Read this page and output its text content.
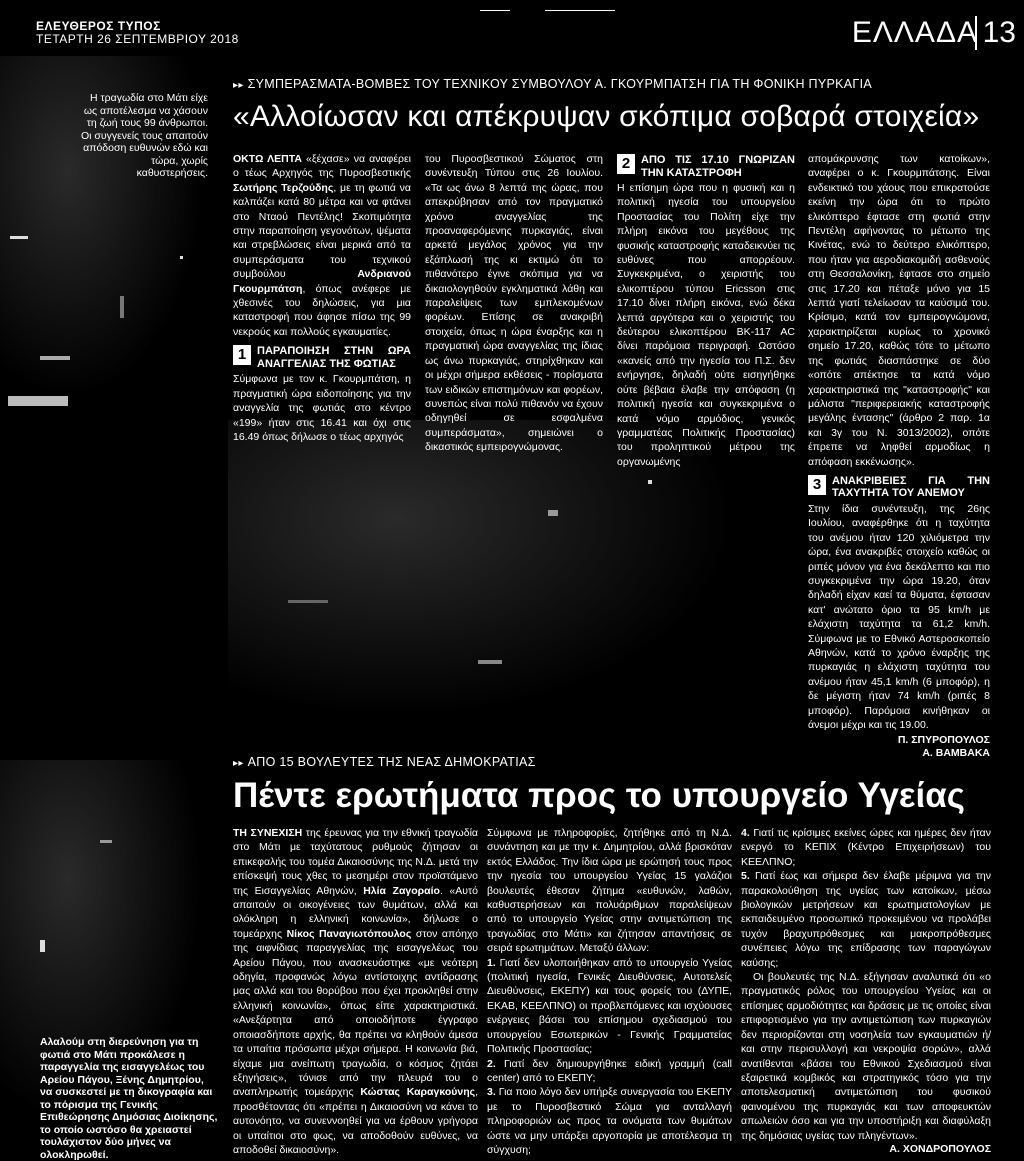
ΕΛΕΥΘΕΡΟΣ ΤΥΠΟΣ
ΤΕΤΑΡΤΗ 26 ΣΕΠΤΕΜΒΡΙΟΥ 2018	ΕΛΛΑΔΑ 13
Η τραγωδία στο Μάτι είχε ως αποτέλεσμα να χάσουν τη ζωή τους 99 άνθρωποι. Οι συγγενείς τους απαιτούν απόδοση ευθυνών εδώ και τώρα, χωρίς καθυστερήσεις.
▸▸ ΣΥΜΠΕΡΑΣΜΑΤΑ-ΒΟΜΒΕΣ ΤΟΥ ΤΕΧΝΙΚΟΥ ΣΥΜΒΟΥΛΟΥ Α. ΓΚΟΥΡΜΠΑΤΣΗ ΓΙΑ ΤΗ ΦΟΝΙΚΗ ΠΥΡΚΑΓΙΑ
«Αλλοίωσαν και απέκρυψαν σκόπιμα σοβαρά στοιχεία»

ΟΚΤΩ ΛΕΠΤΑ «ξέχασε» να αναφέρει ο τέως Αρχηγός της Πυροσβεστικής Σωτήρης Τερζούδης, με τη φωτιά να καλπάζει κατά 80 μέτρα και να φτάνει στο Νταού Πεντέλης! Σκοπιμότητα στην παραποίηση γεγονότων, ψέματα και στρεβλώσεις είναι μερικά από τα συμπεράσματα του τεχνικού συμβούλου Ανδριανού Γκουρμπάτση, όπως ανέφερε με χθεσινές του δηλώσεις, για μια καταστροφή που άφησε πίσω της 99 νεκρούς και πολλούς εγκαυματίες.

1 ΠΑΡΑΠΟΙΗΣΗ ΣΤΗΝ ΩΡΑ ΑΝΑΓΓΕΛΙΑΣ ΤΗΣ ΦΩΤΙΑΣ

Σύμφωνα με τον κ. Γκουρμπάτση, η πραγματική ώρα ειδοποίησης για την αναγγελία της φωτιάς στο κέντρο «199» ήταν στις 16.41 και όχι στις 16.49 όπως δήλωσε ο τέως αρχηγός

του Πυροσβεστικού Σώματος στη συνέντευξη Τύπου στις 26 Ιουλίου. «Τα ως άνω 8 λεπτά της ώρας, που απεκρύβησαν από τον πραγματικό χρόνο αναγγελίας της προαναφερόμενης πυρκαγιάς, είναι αρκετά μεγάλος χρόνος για την εξάπλωσή της κι εκτιμώ ότι το πιθανότερο έγινε σκόπιμα για να δικαιολογηθούν εγκληματικά λάθη και παραλείψεις των εμπλεκομένων φορέων. Επίσης σε ανακριβή στοιχεία, όπως η ώρα έναρξης και η πραγματική ώρα αναγγελίας της ίδιας ως άνω πυρκαγιάς, στηρίχθηκαν και οι μέχρι σήμερα εκθέσεις - πορίσματα των ειδικών επιστημόνων και φορέων, συνεπώς είναι πολύ πιθανόν να έχουν οδηγηθεί σε εσφαλμένα συμπεράσματα», σημειώνει ο δικαστικός εμπειρογνώμονας.

2 ΑΠΟ ΤΙΣ 17.10 ΓΝΩΡΙΖΑΝ ΤΗΝ ΚΑΤΑΣΤΡΟΦΗ

Η επίσημη ώρα που η φυσική και η πολιτική ηγεσία του υπουργείου Προστασίας του Πολίτη είχε την πλήρη εικόνα του μεγέθους της φυσικής καταστροφής καταδεικνύει τις ευθύνες που απορρέουν. Συγκεκριμένα, ο χειριστής του ελικοπτέρου τύπου Ericsson στις 17.10 δίνει πλήρη εικόνα, ενώ δέκα λεπτά αργότερα και ο χειριστής του δεύτερου ελικοπτέρου ΒΚ-117 ΑC δίνει παρόμοια περιγραφή. Ωστόσο «κανείς από την ηγεσία του Π.Σ. δεν ενήργησε, δηλαδή ούτε εισηγήθηκε ούτε βέβαια έλαβε την απόφαση (η πολιτική ηγεσία και συγκεκριμένα ο κατά νόμο αρμόδιος, γενικός γραμματέας Πολιτικής Προστασίας) του προληπτικού μέτρου της οργανωμένης

απομάκρυνσης των κατοίκων», αναφέρει ο κ. Γκουρμπάτσης. Είναι ενδεικτικό του χάους που επικρατούσε εκείνη την ώρα ότι το πρώτο ελικόπτερο έφτασε στη φωτιά στην Πεντέλη αφήνοντας το μέτωπο της Κινέτας, ενώ το δεύτερο ελικόπτερο, που ήταν για αεροδιακομιδή ασθενούς στη Θεσσαλονίκη, έφτασε στο σημείο στις 17.20 και πέταξε μόνο για 15 λεπτά γιατί τελείωσαν τα καύσιμά του. Κρίσιμο, κατά τον εμπειρογνώμονα, χαρακτηρίζεται κυρίως το χρονικό σημείο 17.20, καθώς τότε το μέτωπο της φωτιάς διασπάστηκε σε δύο «οπότε απέκτησε τα κατά νόμο χαρακτηριστικά της "καταστροφής" και μάλιστα "περιφερειακής καταστροφής μεγάλης έντασης" (άρθρο 2 παρ. 1α και 3γ του Ν. 3013/2002), οπότε έπρεπε να ληφθεί αρμοδίως η απόφαση εκκένωσης».

3 ΑΝΑΚΡΙΒΕΙΕΣ ΓΙΑ ΤΗΝ ΤΑΧΥΤΗΤΑ ΤΟΥ ΑΝΕΜΟΥ

Στην ίδια συνέντευξη, της 26ης Ιουλίου, αναφέρθηκε ότι η ταχύτητα του ανέμου ήταν 120 χιλιόμετρα την ώρα, ένα ανακριβές στοιχείο καθώς οι ριπές μόνον για ένα δεκάλεπτο και πιο συγκεκριμένα την ώρα 19.20, όταν δηλαδή είχαν καεί τα θύματα, έφτασαν κατ' ανώτατο όριο τα 95 km/h με ελάχιστη ταχύτητα τα 61,2 km/h. Σύμφωνα με το Εθνικό Αστεροσκοπείο Αθηνών, κατά το χρόνο έναρξης της πυρκαγιάς η ελάχιστη ταχύτητα του ανέμου ήταν 45,1 km/h (6 μποφόρ), η δε μέγιστη ήταν 74 km/h (ριπές 8 μποφόρ). Παρόμοια κινήθηκαν οι άνεμοι μέχρι και τις 19.00.

Π. ΣΠΥΡΟΠΟΥΛΟΣ
Α. ΒΑΜΒΑΚΑ
Αλαλούμ στη διερεύνηση για τη φωτιά στο Μάτι προκάλεσε η παραγγελία της εισαγγελέως του Αρείου Πάγου, Ξένης Δημητρίου, να συσκεστεί με τη δικογραφία και το πόρισμα της Γενικής Επιθεώρησης Δημόσιας Διοίκησης, το οποίο ωστόσο θα χρειαστεί τουλάχιστον δύο μήνες να ολοκληρωθεί.
▸▸ ΑΠΟ 15 ΒΟΥΛΕΥΤΕΣ ΤΗΣ ΝΕΑΣ ΔΗΜΟΚΡΑΤΙΑΣ
Πέντε ερωτήματα προς το υπουργείο Υγείας

ΤΗ ΣΥΝΕΧΙΣΗ της έρευνας για την εθνική τραγωδία στο Μάτι με ταχύτατους ρυθμούς ζήτησαν οι επικεφαλής του τομέα Δικαιοσύνης της Ν.Δ. μετά την επίσκεψή τους χθες το μεσημέρι στον προϊστάμενο της Εισαγγελίας Αθηνών, Ηλία Ζαγοραίο. «Αυτό απαιτούν οι οικογένειες των θυμάτων, αλλά και ολόκληρη η ελληνική κοινωνία», δήλωσε ο τομεάρχης Νίκος Παναγιωτόπουλος στον απόηχο της αιφνίδιας παραγγελίας της εισαγγελέως του Αρείου Πάγου, που ανασκευάστηκε «με νεότερη οδηγία, προφανώς λόγω αντίστοιχης αντίδρασης μας αλλά και του θορύβου που έχει προκληθεί στην ελληνική κοινωνία», όπως είπε χαρακτηριστικά. «Ανεξάρτητα από οποιοδήποτε έγγραφο οποιασδήποτε αρχής, θα πρέπει να κληθούν άμεσα τα υπαίτια πρόσωπα μέχρι σήμερα. Η κοινωνία βιά, είχαμε μια ανείπωτη τραγωδία, ο κόσμος ζητάει εξηγήσεις», τόνισε από την πλευρά του ο αναπληρωτής τομεάρχης Κώστας Καραγκούνης, προσθέτοντας ότι «πρέπει η Δικαιοσύνη να κάνει το αυτονόητο, να συνεννοηθεί για να έρθουν γρήγορα οι υπαίτιοι στο φως, να αποδοθούν ευθύνες, να αποδοθεί δικαιοσύνη».

Σύμφωνα με πληροφορίες, ζητήθηκε από τη Ν.Δ. συνάντηση και με την κ. Δημητρίου, αλλά βρισκόταν εκτός Ελλάδος. Την ίδια ώρα με ερώτησή τους προς την ηγεσία του υπουργείου Υγείας 15 γαλάζιοι βουλευτές έθεσαν ζήτημα «ευθυνών, λαθών, καθυστερήσεων και πολυάριθμων παραλείψεων από το υπουργείο Υγείας στην αντιμετώπιση της τραγωδίας στο Μάτι» και ζήτησαν απαντήσεις σε σειρά ερωτημάτων. Μεταξύ άλλων:

1. Γιατί δεν υλοποιήθηκαν από το υπουργείο Υγείας (πολιτική ηγεσία, Γενικές Διευθύνσεις, Αυτοτελείς Διευθύνσεις, ΕΚΕΠΥ) και τους φορείς του (ΔΥΠΕ, ΕΚΑΒ, ΚΕΕΛΠΝΟ) οι προβλεπόμενες και ισχύουσες ενέργειες βάσει του επίσημου σχεδιασμού του υπουργείου Εσωτερικών - Γενικής Γραμματείας Πολιτικής Προστασίας;

2. Γιατί δεν δημιουργήθηκε ειδική γραμμή (call center) από το ΕΚΕΠΥ;

3. Για ποιο λόγο δεν υπήρξε συνεργασία του ΕΚΕΠΥ με το Πυροσβεστικό Σώμα για ανταλλαγή πληροφοριών ως προς τα ονόματα των θυμάτων ώστε να μην υπάρξει αργοπορία με αποτέλεσμα τη σύγχυση;

4. Γιατί τις κρίσιμες εκείνες ώρες και ημέρες δεν ήταν ενεργό το ΚΕΠΙΧ (Κέντρο Επιχειρήσεων) του ΚΕΕΛΠΝΟ;

5. Γιατί έως και σήμερα δεν έλαβε μέριμνα για την παρακολούθηση της υγείας των κατοίκων, μέσω βιολογικών μετρήσεων και ερωτηματολογίων με εκπαιδευμένο προσωπικό προκειμένου να προλάβει τυχόν βραχυπρόθεσμες και μακροπρόθεσμες συνέπειες λόγω της επίδρασης των παραγώγων καύσης;

Οι βουλευτές της Ν.Δ. εξήγησαν αναλυτικά ότι «ο πραγματικός ρόλος του υπουργείου Υγείας και οι επίσημες αρμοδιότητες και δράσεις με τις οποίες είναι επιφορτισμένο για την αντιμετώπιση των πυρκαγιών δεν περιορίζονται στη νοσηλεία των εγκαυματιών ή/και στην περισυλλογή και νεκροψία σορών», αλλά ανατίθενται «βάσει του Εθνικού Σχεδιασμού είναι εξαιρετικά κομβικός και στρατηγικός τόσο για την αποτελεσματική αντιμετώπιση του φυσικού φαινομένου της πυρκαγιάς και των αποφευκτών απωλειών όσο και για την υποστήριξη και διαφύλαξη της δημόσιας υγείας των πληγέντων».

Α. ΧΟΝΔΡΟΠΟΥΛΟΣ
